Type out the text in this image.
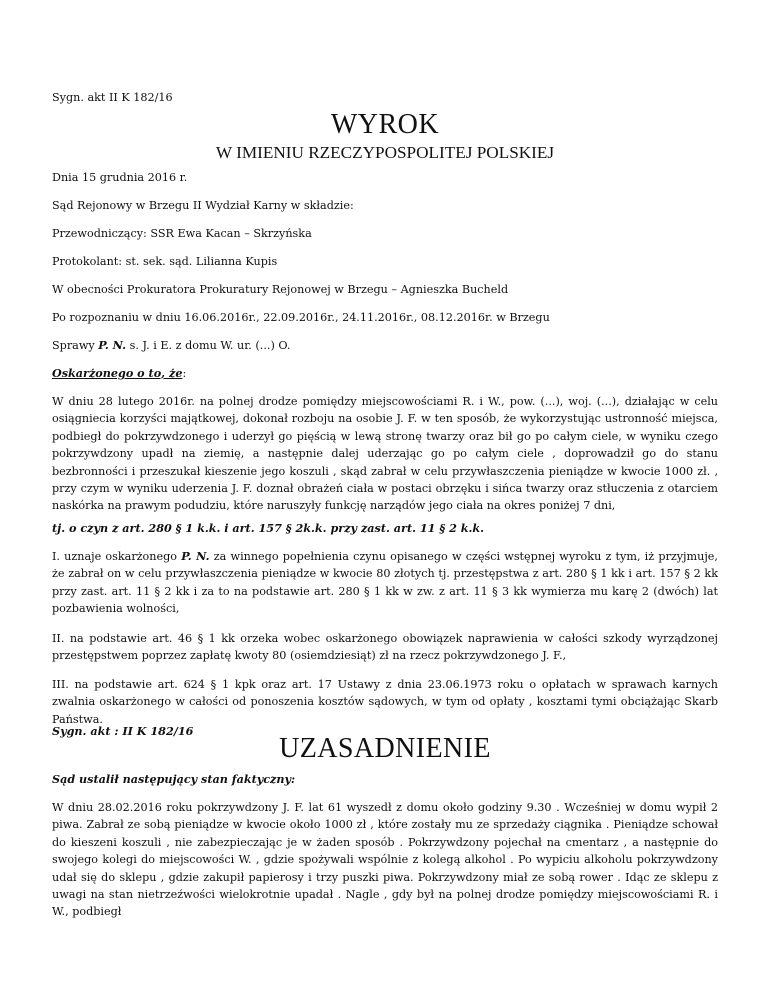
Sygn. akt II K 182/16

WYROK
W IMIENIU RZECZYPOSPOLITEJ POLSKIEJ

Dnia 15 grudnia 2016 r.

Sąd Rejonowy w Brzegu II Wydział Karny w składzie:

Przewodniczący: SSR Ewa Kacan – Skrzyńska

Protokolant: st. sek. sąd. Lilianna Kupis

W obecności Prokuratora Prokuratury Rejonowej w Brzegu – Agnieszka Bucheld

Po rozpoznaniu w dniu 16.06.2016r., 22.09.2016r., 24.11.2016r., 08.12.2016r. w Brzegu

Sprawy P. N. s. J. i E. z domu W. ur. (...) O.

Oskarżonego o to, że:

W dniu 28 lutego 2016r. na polnej drodze pomiędzy miejscowościami R. i W., pow. (...), woj. (...), działając w celu osiągniecia korzyści majątkowej, dokonał rozboju na osobie J. F. w ten sposób, że wykorzystując ustronność miejsca, podbiegł do pokrzywdzonego i uderzył go pięścią w lewą stronę twarzy oraz bił go po całym ciele, w wyniku czego pokrzywdzony upadł na ziemię, a następnie dalej uderzając go po całym ciele , doprowadził go do stanu bezbronności i przeszukał kieszenie jego koszuli , skąd zabrał w celu przywłaszczenia pieniądze w kwocie 1000 zł. , przy czym w wyniku uderzenia J. F. doznał obrażeń ciała w postaci obrzęku i sińca twarzy oraz stłuczenia z otarciem naskórka na prawym podudziu, które naruszyły funkcję narządów jego ciała na okres poniżej 7 dni,

tj. o czyn z art. 280 § 1 k.k. i art. 157 § 2k.k. przy zast. art. 11 § 2 k.k.

I. uznaje oskarżonego P. N. za winnego popełnienia czynu opisanego w części wstępnej wyroku z tym, iż przyjmuje, że zabrał on w celu przywłaszczenia pieniądze w kwocie 80 złotych tj. przestępstwa z art. 280 § 1 kk i art. 157 § 2 kk przy zast. art. 11 § 2 kk i za to na podstawie art. 280 § 1 kk w zw. z art. 11 § 3 kk wymierza mu karę 2 (dwóch) lat pozbawienia wolności,

II. na podstawie art. 46 § 1 kk orzeka wobec oskarżonego obowiązek naprawienia w całości szkody wyrządzonej przestępstwem poprzez zapłatę kwoty 80 (osiemdziesiąt) zł na rzecz pokrzywdzonego J. F.,

III. na podstawie art. 624 § 1 kpk oraz art. 17 Ustawy z dnia 23.06.1973 roku o opłatach w sprawach karnych zwalnia oskarżonego w całości od ponoszenia kosztów sądowych, w tym od opłaty , kosztami tymi obciążając Skarb Państwa.

Sygn. akt : II K 182/16

UZASADNIENIE

Sąd ustalił następujący stan faktyczny:

W dniu 28.02.2016 roku pokrzywdzony J. F. lat 61 wyszedł z domu około godziny 9.30 . Wcześniej w domu wypił 2 piwa. Zabrał ze sobą pieniądze w kwocie około 1000 zł , które zostały mu ze sprzedaży ciągnika . Pieniądze schował do kieszeni koszuli , nie zabezpieczając je w żaden sposób . Pokrzywdzony pojechał na cmentarz , a następnie do swojego kolegi do miejscowości W. , gdzie spożywali wspólnie z kolegą alkohol . Po wypiciu alkoholu pokrzywdzony udał się do sklepu , gdzie zakupił papierosy i trzy puszki piwa. Pokrzywdzony miał ze sobą rower . Idąc ze sklepu z uwagi na stan nietrzeźwości wielokrotnie upadał . Nagle , gdy był na polnej drodze pomiędzy miejscowościami R. i W., podbiegł
